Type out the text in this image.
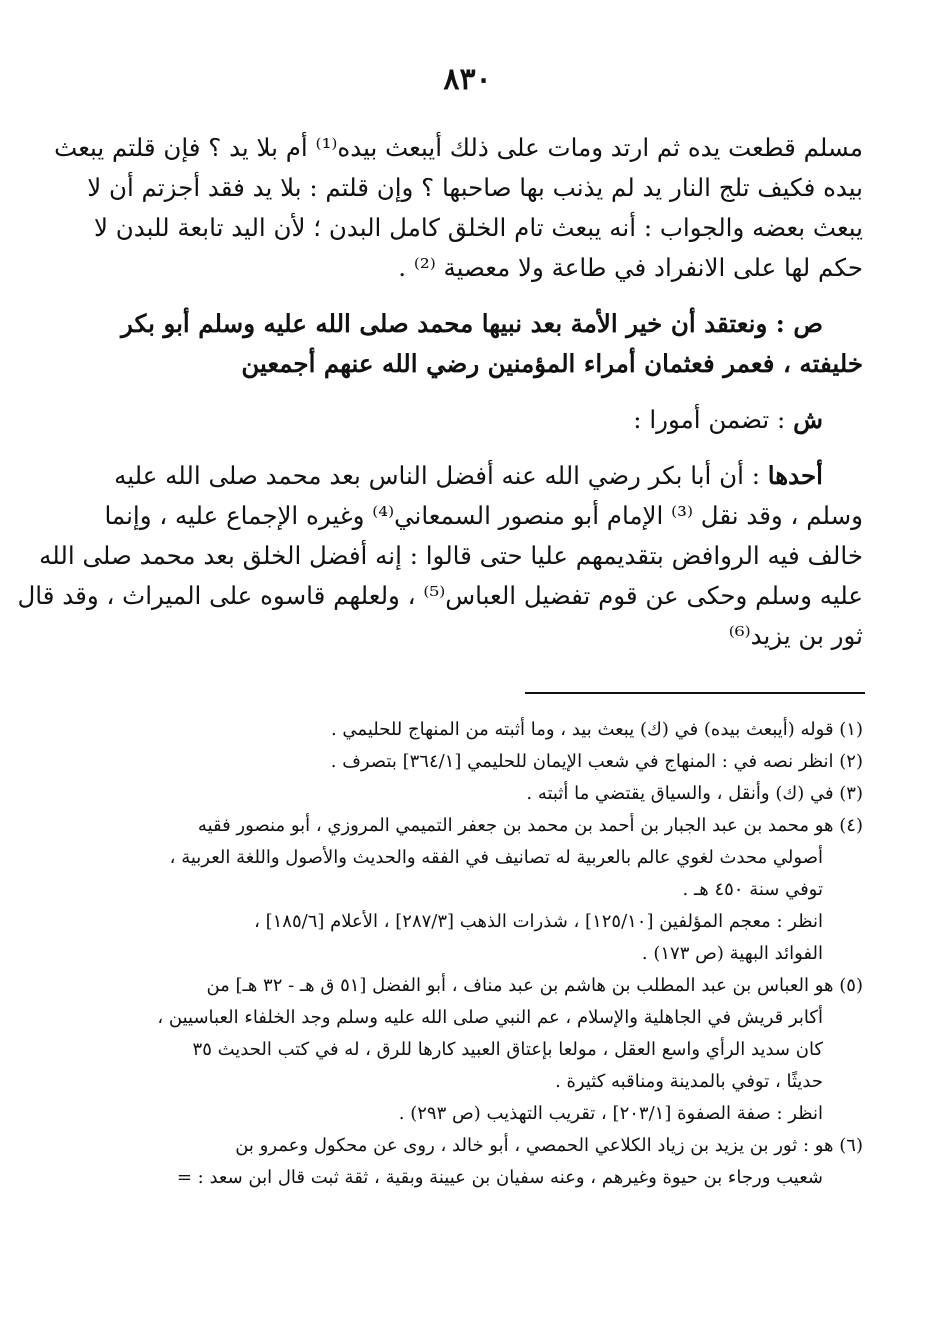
٨٣٠
مسلم قطعت يده ثم ارتد ومات على ذلك أيبعث بيده⁽¹⁾ أم بلا يد ؟ فإن قلتم يبعث
بيده فكيف تلج النار يد لم يذنب بها صاحبها ؟ وإن قلتم : بلا يد فقد أجزتم أن لا
يبعث بعضه والجواب : أنه يبعث تام الخلق كامل البدن ؛ لأن اليد تابعة للبدن لا
حكم لها على الانفراد في طاعة ولا معصية ⁽²⁾ .
ص : ونعتقد أن خير الأمة بعد نبيها محمد صلى الله عليه وسلم أبو بكر
خليفته ، فعمر فعثمان أمراء المؤمنين رضي الله عنهم أجمعين
ش : تضمن أمورا :
أحدها : أن أبا بكر رضي الله عنه أفضل الناس بعد محمد صلى الله عليه
وسلم ، وقد نقل ⁽³⁾ الإمام أبو منصور السمعاني⁽⁴⁾ وغيره الإجماع عليه ، وإنما
خالف فيه الروافض بتقديمهم عليا حتى قالوا : إنه أفضل الخلق بعد محمد صلى الله
عليه وسلم وحكى عن قوم تفضيل العباس⁽⁵⁾ ، ولعلهم قاسوه على الميراث ، وقد قال
ثور بن يزيد⁽⁶⁾
(١) قوله (أيبعث بيده) في (ك) يبعث بيد ، وما أثبته من المنهاج للحليمي .
(٢) انظر نصه في : المنهاج في شعب الإيمان للحليمي [٣٦٤/١] بتصرف .
(٣) في (ك) وأنقل ، والسياق يقتضي ما أثبته .
(٤) هو محمد بن عبد الجبار بن أحمد بن محمد بن جعفر التميمي المروزي ، أبو منصور فقيه
أصولي محدث لغوي عالم بالعربية له تصانيف في الفقه والحديث والأصول واللغة العربية ،
توفي سنة ٤٥٠ هـ .
انظر : معجم المؤلفين [١٢٥/١٠] ، شذرات الذهب [٢٨٧/٣] ، الأعلام [١٨٥/٦] ،
الفوائد البهية (ص ١٧٣) .
(٥) هو العباس بن عبد المطلب بن هاشم بن عبد مناف ، أبو الفضل [٥١ ق هـ - ٣٢ هـ] من
أكابر قريش في الجاهلية والإسلام ، عم النبي صلى الله عليه وسلم وجد الخلفاء العباسيين ،
كان سديد الرأي واسع العقل ، مولعا بإعتاق العبيد كارها للرق ، له في كتب الحديث ٣٥
حديثًا ، توفي بالمدينة ومناقبه كثيرة .
انظر : صفة الصفوة [٢٠٣/١] ، تقريب التهذيب (ص ٢٩٣) .
(٦) هو : ثور بن يزيد بن زياد الكلاعي الحمصي ، أبو خالد ، روى عن محكول وعمرو بن
شعيب ورجاء بن حيوة وغيرهم ، وعنه سفيان بن عيينة وبقية ، ثقة ثبت قال ابن سعد : =
